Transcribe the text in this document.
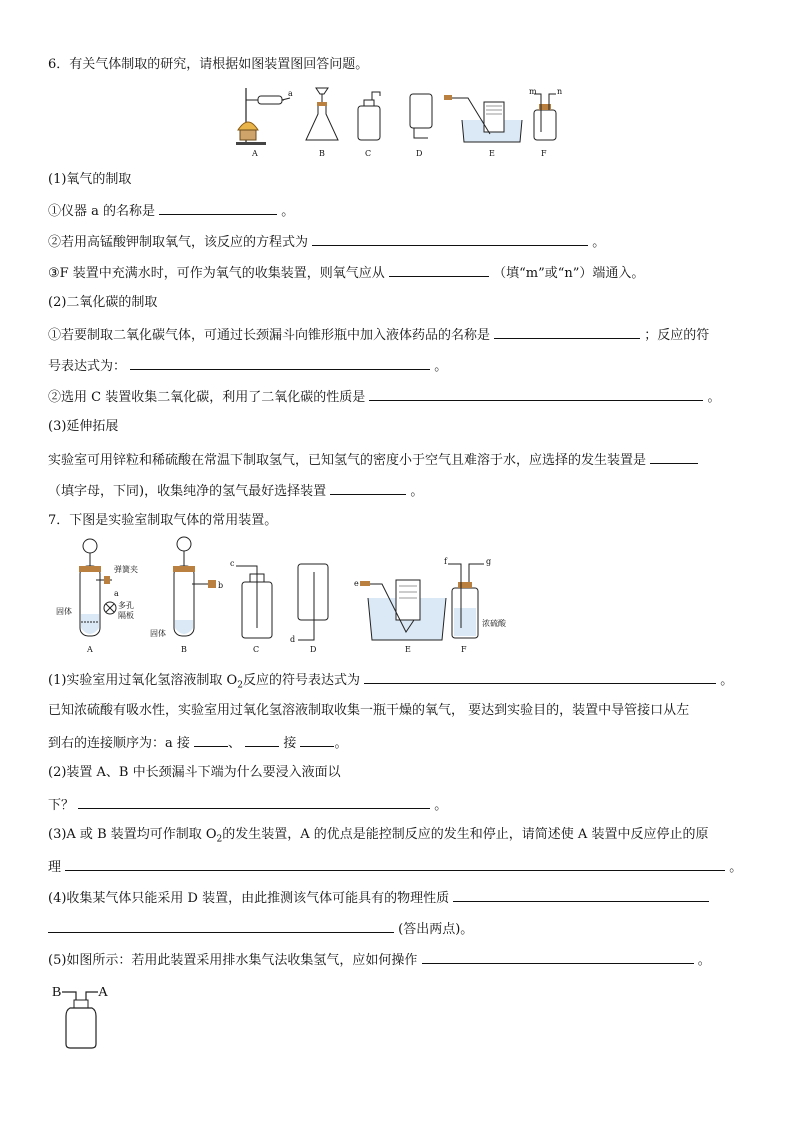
6．有关气体制取的研究，请根据如图装置图回答问题。
a
A	B	C	D	E
m	n
F
(1)氧气的制取
①仪器 a 的名称是	。
②若用高锰酸钾制取氧气，该反应的方程式为	。
③F 装置中充满水时，可作为氧气的收集装置，则氧气应从	（填“m”或“n”）端通入。
(2)二氧化碳的制取
①若要制取二氧化碳气体，可通过长颈漏斗向锥形瓶中加入液体药品的名称是	；反应的符
号表达式为：	。
②选用 C 装置收集二氧化碳，利用了二氧化碳的性质是	。
(3)延伸拓展
实验室可用锌粒和稀硫酸在常温下制取氢气，已知氢气的密度小于空气且难溶于水，应选择的发生装置是
（填字母，下同)，收集纯净的氢气最好选择装置	。
7．下图是实验室制取气体的常用装置。
弹簧夹
a
多孔
隔板
固体
A
b
固体
B
c
C
d
D
e
E
f	g
浓硫酸
F
(1)实验室用过氧化氢溶液制取 $O_2$反应的符号表达式为	。
已知浓硫酸有吸水性，实验室用过氧化氢溶液制取收集一瓶干燥的氧气， 要达到实验目的，装置中导管接口从左
到右的连接顺序为：a 接	、	接	。
(2)装置 A、B 中长颈漏斗下端为什么要浸入液面以
下？	。
(3)A 或 B 装置均可作制取 $O_2$的发生装置，A 的优点是能控制反应的发生和停止，请简述使 A 装置中反应停止的原
理	。
(4)收集某气体只能采用 D 装置，由此推测该气体可能具有的物理性质
(答出两点)。
(5)如图所示：若用此装置采用排水集气法收集氢气，应如何操作	。
B	A
